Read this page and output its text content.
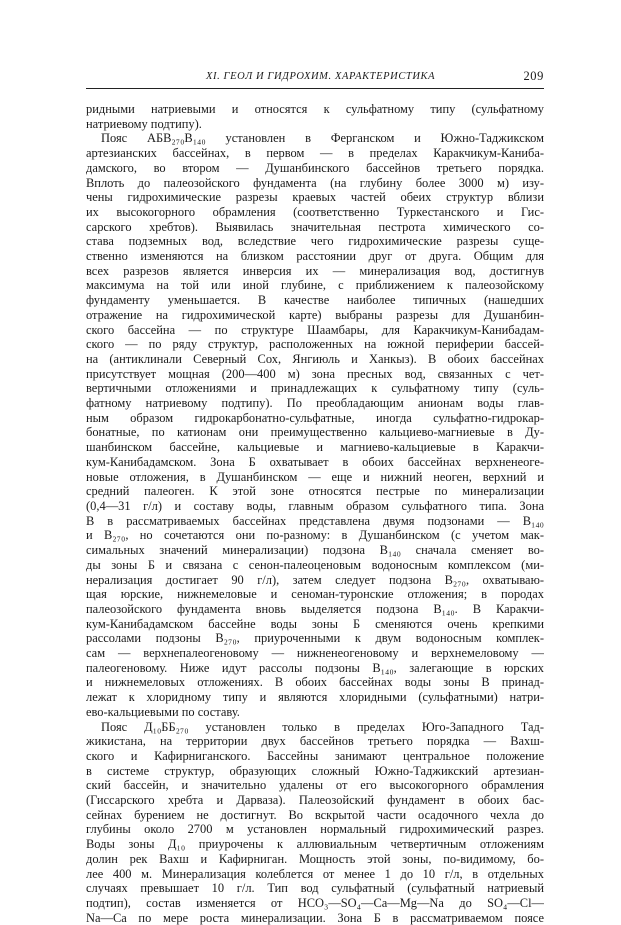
XI. ГЕОЛ И ГИДРОХИМ. ХАРАКТЕРИСТИКА	209

ридными натриевыми и относятся к сульфатному типу (сульфатному

натриевому подтипу).

Пояс АБВ₂₇₀В₁₄₀ установлен в Ферганском и Южно-Таджикском

артезианских бассейнах, в первом — в пределах Каракчикум-Каниба-

дамского, во втором — Душанбинского бассейнов третьего порядка.

Вплоть до палеозойского фундамента (на глубину более 3000 м) изу-

чены гидрохимические разрезы краевых частей обеих структур вблизи

их высокогорного обрамления (соответственно Туркестанского и Гис-

сарского хребтов). Выявилась значительная пестрота химического со-

става подземных вод, вследствие чего гидрохимические разрезы суще-

ственно изменяются на близком расстоянии друг от друга. Общим для

всех разрезов является инверсия их — минерализация вод, достигнув

максимума на той или иной глубине, с приближением к палеозойскому

фундаменту уменьшается. В качестве наиболее типичных (нашедших

отражение на гидрохимической карте) выбраны разрезы для Душанбин-

ского бассейна — по структуре Шаамбары, для Каракчикум-Канибадам-

ского — по ряду структур, расположенных на южной периферии бассей-

на (антиклинали Северный Сох, Янгиюль и Ханкыз). В обоих бассейнах

присутствует мощная (200—400 м) зона пресных вод, связанных с чет-

вертичными отложениями и принадлежащих к сульфатному типу (суль-

фатному натриевому подтипу). По преобладающим анионам воды глав-

ным образом гидрокарбонатно-сульфатные, иногда сульфатно-гидрокар-

бонатные, по катионам они преимущественно кальциево-магниевые в Ду-

шанбинском бассейне, кальциевые и магниево-кальциевые в Каракчи-

кум-Канибадамском. Зона Б охватывает в обоих бассейнах верхненеоге-

новые отложения, в Душанбинском — еще и нижний неоген, верхний и

средний палеоген. К этой зоне относятся пестрые по минерализации

(0,4—31 г/л) и составу воды, главным образом сульфатного типа. Зона

В в рассматриваемых бассейнах представлена двумя подзонами — В₁₄₀

и В₂₇₀, но сочетаются они по-разному: в Душанбинском (с учетом мак-

симальных значений минерализации) подзона В₁₄₀ сначала сменяет во-

ды зоны Б и связана с сенон-палеоценовым водоносным комплексом (ми-

нерализация достигает 90 г/л), затем следует подзона В₂₇₀, охватываю-

щая юрские, нижнемеловые и сеноман-туронские отложения; в породах

палеозойского фундамента вновь выделяется подзона В₁₄₀. В Каракчи-

кум-Канибадамском бассейне воды зоны Б сменяются очень крепкими

рассолами подзоны В₂₇₀, приуроченными к двум водоносным комплек-

сам — верхнепалеогеновому — нижненеогеновому и верхнемеловому —

палеогеновому. Ниже идут рассолы подзоны В₁₄₀, залегающие в юрских

и нижнемеловых отложениях. В обоих бассейнах воды зоны В принад-

лежат к хлоридному типу и являются хлоридными (сульфатными) натри-

ево-кальциевыми по составу.

Пояс Д₁₀ББ₂₇₀ установлен только в пределах Юго-Западного Тад-

жикистана, на территории двух бассейнов третьего порядка — Вахш-

ского и Кафирниганского. Бассейны занимают центральное положение

в системе структур, образующих сложный Южно-Таджикский артезиан-

ский бассейн, и значительно удалены от его высокогорного обрамления

(Гиссарского хребта и Дарваза). Палеозойский фундамент в обоих бас-

сейнах бурением не достигнут. Во вскрытой части осадочного чехла до

глубины около 2700 м установлен нормальный гидрохимический разрез.

Воды зоны Д₁₀ приурочены к аллювиальным четвертичным отложениям

долин рек Вахш и Кафирниган. Мощность этой зоны, по-видимому, бо-

лее 400 м. Минерализация колеблется от менее 1 до 10 г/л, в отдельных

случаях превышает 10 г/л. Тип вод сульфатный (сульфатный натриевый

подтип), состав изменяется от HCO₃—SO₄—Ca—Mg—Na до SO₄—Cl—

Na—Ca по мере роста минерализации. Зона Б в рассматриваемом поясе
